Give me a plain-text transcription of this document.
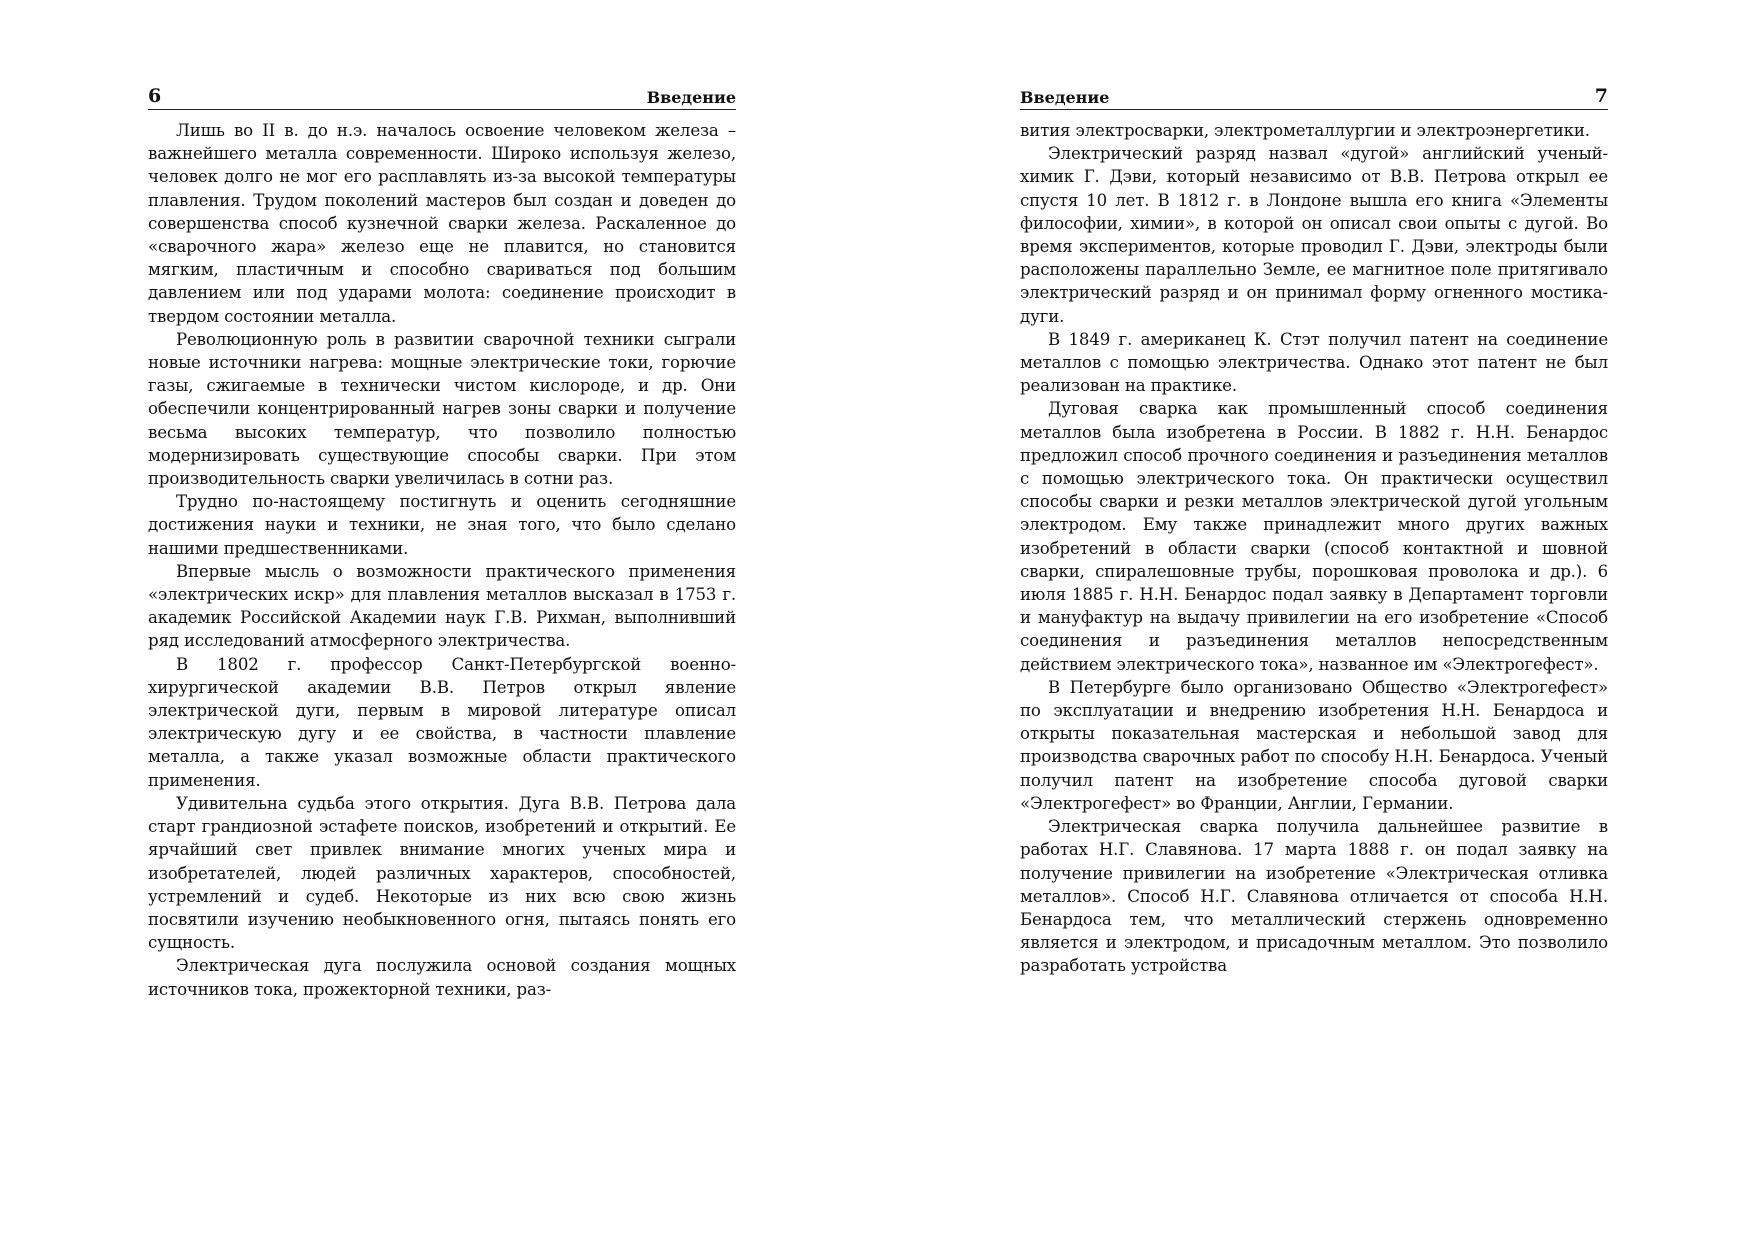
6	Введение

Лишь во II в. до н.э. началось освоение человеком железа – важнейшего металла современности. Широко используя железо, человек долго не мог его расплавлять из-за высокой температуры плавления. Трудом поколений мастеров был создан и доведен до совершенства способ кузнечной сварки железа. Раскаленное до «сварочного жара» железо еще не плавится, но становится мягким, пластичным и способно свариваться под большим давлением или под ударами молота: соединение происходит в твердом состоянии металла.

Революционную роль в развитии сварочной техники сыграли новые источники нагрева: мощные электрические токи, горючие газы, сжигаемые в технически чистом кислороде, и др. Они обеспечили концентрированный нагрев зоны сварки и получение весьма высоких температур, что позволило полностью модернизировать существующие способы сварки. При этом производительность сварки увеличилась в сотни раз.

Трудно по-настоящему постигнуть и оценить сегодняшние достижения науки и техники, не зная того, что было сделано нашими предшественниками.

Впервые мысль о возможности практического применения «электрических искр» для плавления металлов высказал в 1753 г. академик Российской Академии наук Г.В. Рихман, выполнивший ряд исследований атмосферного электричества.

В 1802 г. профессор Санкт-Петербургской военно-хирургической академии В.В. Петров открыл явление электрической дуги, первым в мировой литературе описал электрическую дугу и ее свойства, в частности плавление металла, а также указал возможные области практического применения.

Удивительна судьба этого открытия. Дуга В.В. Петрова дала старт грандиозной эстафете поисков, изобретений и открытий. Ее ярчайший свет привлек внимание многих ученых мира и изобретателей, людей различных характеров, способностей, устремлений и судеб. Некоторые из них всю свою жизнь посвятили изучению необыкновенного огня, пытаясь понять его сущность.

Электрическая дуга послужила основой создания мощных источников тока, прожекторной техники, раз-

Введение	7

вития электросварки, электрометаллургии и электроэнергетики.

Электрический разряд назвал «дугой» английский ученый-химик Г. Дэви, который независимо от В.В. Петрова открыл ее спустя 10 лет. В 1812 г. в Лондоне вышла его книга «Элементы философии, химии», в которой он описал свои опыты с дугой. Во время экспериментов, которые проводил Г. Дэви, электроды были расположены параллельно Земле, ее магнитное поле притягивало электрический разряд и он принимал форму огненного мостика-дуги.

В 1849 г. американец К. Стэт получил патент на соединение металлов с помощью электричества. Однако этот патент не был реализован на практике.

Дуговая сварка как промышленный способ соединения металлов была изобретена в России. В 1882 г. Н.Н. Бенардос предложил способ прочного соединения и разъединения металлов с помощью электрического тока. Он практически осуществил способы сварки и резки металлов электрической дугой угольным электродом. Ему также принадлежит много других важных изобретений в области сварки (способ контактной и шовной сварки, спиралешовные трубы, порошковая проволока и др.). 6 июля 1885 г. Н.Н. Бенардос подал заявку в Департамент торговли и мануфактур на выдачу привилегии на его изобретение «Способ соединения и разъединения металлов непосредственным действием электрического тока», названное им «Электрогефест».

В Петербурге было организовано Общество «Электрогефест» по эксплуатации и внедрению изобретения Н.Н. Бенардоса и открыты показательная мастерская и небольшой завод для производства сварочных работ по способу Н.Н. Бенардоса. Ученый получил патент на изобретение способа дуговой сварки «Электрогефест» во Франции, Англии, Германии.

Электрическая сварка получила дальнейшее развитие в работах Н.Г. Славянова. 17 марта 1888 г. он подал заявку на получение привилегии на изобретение «Электрическая отливка металлов». Способ Н.Г. Славянова отличается от способа Н.Н. Бенардоса тем, что металлический стержень одновременно является и электродом, и присадочным металлом. Это позволило разработать устройства
